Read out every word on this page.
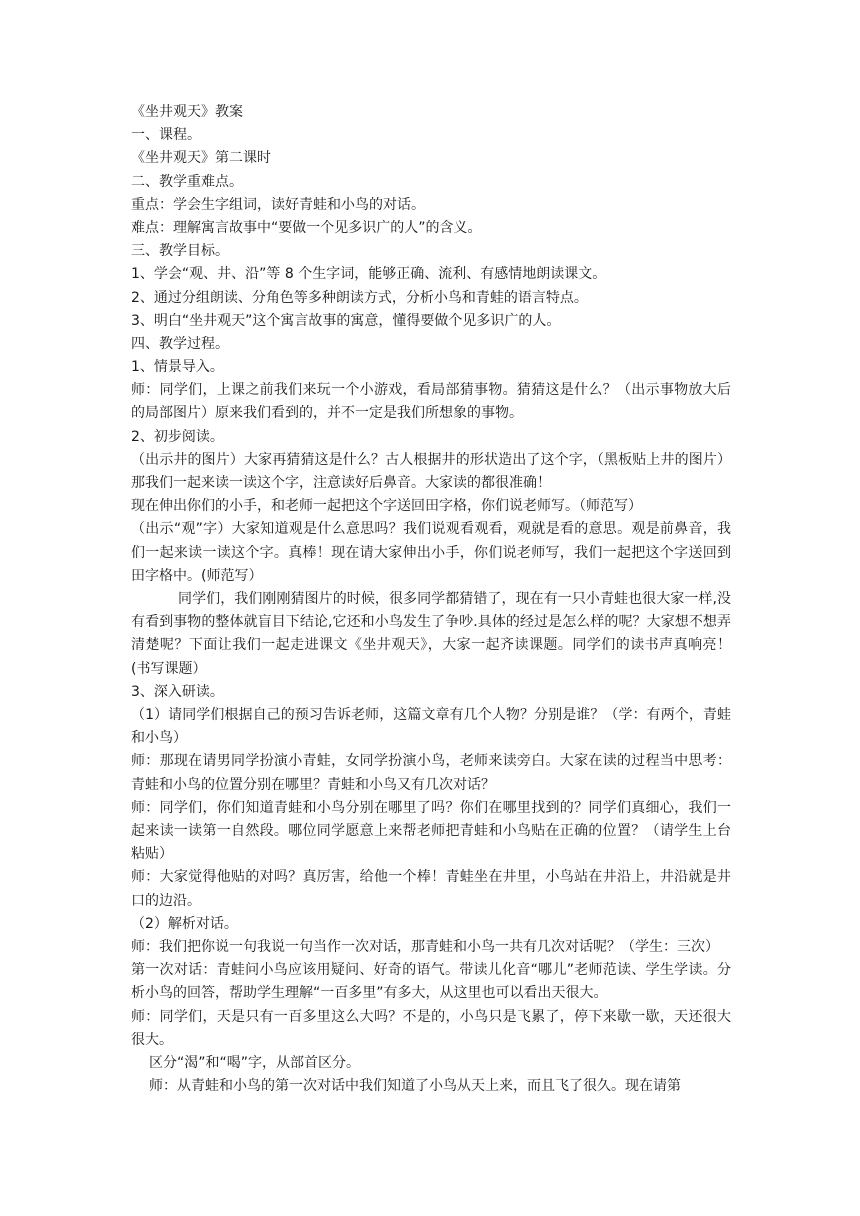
《坐井观天》教案
一、课程。
《坐井观天》第二课时
二、教学重难点。
重点：学会生字组词，读好青蛙和小鸟的对话。
难点：理解寓言故事中“要做一个见多识广的人”的含义。
三、教学目标。
1、学会“观、井、沿”等 8 个生字词，能够正确、流利、有感情地朗读课文。
2、通过分组朗读、分角色等多种朗读方式，分析小鸟和青蛙的语言特点。
3、明白“坐井观天”这个寓言故事的寓意，懂得要做个见多识广的人。
四、教学过程。
1、情景导入。
师：同学们，上课之前我们来玩一个小游戏，看局部猜事物。猜猜这是什么？（出示事物放大后的局部图片）原来我们看到的，并不一定是我们所想象的事物。
2、初步阅读。
（出示井的图片）大家再猜猜这是什么？古人根据井的形状造出了这个字，（黑板贴上井的图片）那我们一起来读一读这个字，注意读好后鼻音。大家读的都很准确！
现在伸出你们的小手，和老师一起把这个字送回田字格，你们说老师写。（师范写）
（出示“观”字）大家知道观是什么意思吗？我们说观看观看，观就是看的意思。观是前鼻音，我们一起来读一读这个字。真棒！现在请大家伸出小手，你们说老师写，我们一起把这个字送回到田字格中。(师范写）
同学们，我们刚刚猜图片的时候，很多同学都猜错了，现在有一只小青蛙也很大家一样,没有看到事物的整体就盲目下结论,它还和小鸟发生了争吵.具体的经过是怎么样的呢？大家想不想弄清楚呢？下面让我们一起走进课文《坐井观天》，大家一起齐读课题。同学们的读书声真响亮！(书写课题）
3、深入研读。
（1）请同学们根据自己的预习告诉老师，这篇文章有几个人物？分别是谁？（学：有两个，青蛙和小鸟）
师：那现在请男同学扮演小青蛙，女同学扮演小鸟，老师来读旁白。大家在读的过程当中思考：青蛙和小鸟的位置分别在哪里？青蛙和小鸟又有几次对话？
师：同学们，你们知道青蛙和小鸟分别在哪里了吗？你们在哪里找到的？同学们真细心，我们一起来读一读第一自然段。哪位同学愿意上来帮老师把青蛙和小鸟贴在正确的位置？（请学生上台粘贴）
师：大家觉得他贴的对吗？真厉害，给他一个棒！青蛙坐在井里，小鸟站在井沿上，井沿就是井口的边沿。
（2）解析对话。
师：我们把你说一句我说一句当作一次对话，那青蛙和小鸟一共有几次对话呢？（学生：三次）
第一次对话：青蛙问小鸟应该用疑问、好奇的语气。带读儿化音“哪儿”老师范读、学生学读。分析小鸟的回答，帮助学生理解“一百多里”有多大，从这里也可以看出天很大。
师：同学们，天是只有一百多里这么大吗？不是的，小鸟只是飞累了，停下来歇一歇，天还很大很大。
区分“渴”和“喝”字，从部首区分。
师：从青蛙和小鸟的第一次对话中我们知道了小鸟从天上来，而且飞了很久。现在请第
